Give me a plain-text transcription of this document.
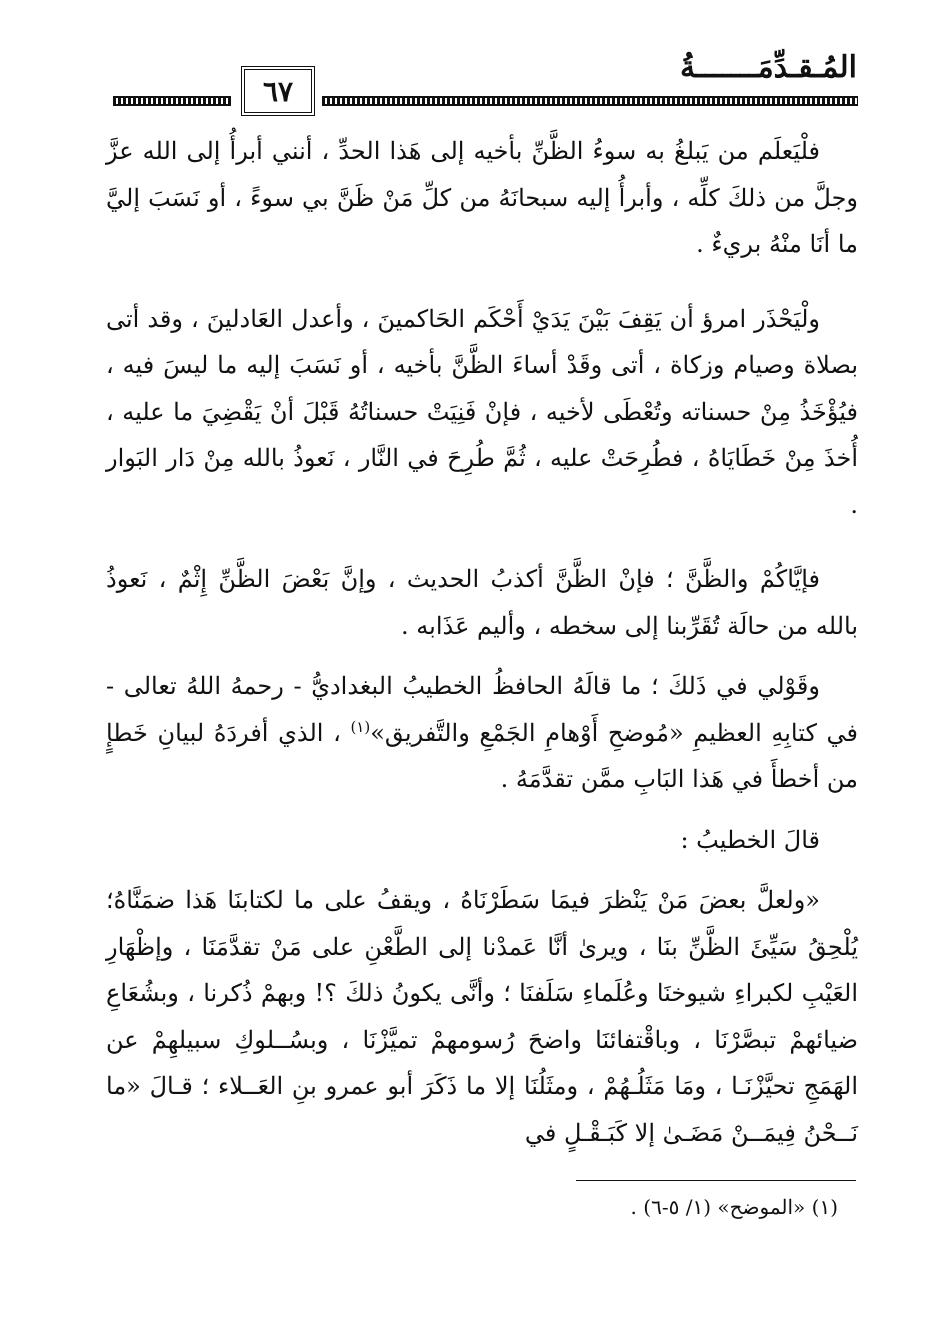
المُـقـدِّمَـــــــةُ
٦٧

فلْيَعلَم من يَبلغُ به سوءُ الظَّنِّ بأخيه إلى هَذا الحدِّ ، أنني أبرأُ إلى الله عزَّ وجلَّ من ذلكَ كلِّه ، وأبرأُ إليه سبحانَهُ من كلِّ مَنْ ظَنَّ بي سوءً ، أو نَسَبَ إليَّ ما أنَا منْهُ بريءٌ .

ولْيَحْذَر امرؤ أن يَقِفَ بَيْنَ يَدَيْ أَحْكَم الحَاكمينَ ، وأعدل العَادلينَ ، وقد أتى بصلاة وصيام وزكاة ، أتى وقَدْ أساءَ الظَّنَّ بأخيه ، أو نَسَبَ إليه ما ليسَ فيه ، فيُؤْخَذُ مِنْ حسناته وتُعْطَى لأخيه ، فإنْ فَنِيَتْ حسناتُهُ قَبْلَ أنْ يَقْضِيَ ما عليه ، أُخذَ مِنْ خَطَايَاهُ ، فطُرِحَتْ عليه ، ثُمَّ طُرِحَ في النَّار ، نَعوذُ بالله مِنْ دَار البَوار .

فإيَّاكُمْ والظَّنَّ ؛ فإنْ الظَّنَّ أكذبُ الحديث ، وإنَّ بَعْضَ الظَّنِّ إِثْمٌ ، نَعوذُ بالله من حالَة تُقَرِّبنا إلى سخطه ، وأليم عَذَابه .

وقَوْلي في ذَلكَ ؛ ما قالَهُ الحافظُ الخطيبُ البغداديُّ - رحمهُ اللهُ تعالى - في كتابِهِ العظيمِ «مُوضحِ أَوْهامِ الجَمْعِ والتَّفريق»$^{(١)}$ ، الذي أفردَهُ لبيانِ خَطإٍ من أخطأَ في هَذا البَابِ ممَّن تقدَّمَهُ .

قالَ الخطيبُ :

«ولعلَّ بعضَ مَنْ يَنْظرَ فيمَا سَطَرْنَاهُ ، ويقفُ على ما لكتابنَا هَذا ضمَنَّاهُ؛ يُلْحِقُ سَيِّئَ الظَّنِّ بنَا ، ويرىٰ أنَّا عَمدْنا إلى الطَّعْنِ على مَنْ تقدَّمَنَا ، وإظْهَارِ العَيْبِ لكبراءِ شيوخنَا وعُلَماءِ سَلَفنَا ؛ وأنَّى يكونُ ذلكَ ؟! وبهمْ ذُكرنا ، وبشُعَاعِ ضيائهمْ تبصَّرْنَا ، وباقْتفائنَا واضحَ رُسومهمْ تميَّزْنَا ، وبسُــلوكِ سبيلهِمْ عن الهَمَجِ تحيَّزْنَـا ، ومَا مَثَلُـهُمْ ، ومثَلُنَا إلا ما ذَكَرَ أبو عمرو بنِ العَــلاء ؛ قـالَ «ما نَــحْنُ فِيمَــنْ مَضَـىٰ إلا كَبَـقْـلٍ في

(١) «الموضح» (١/ ٥-٦) .
